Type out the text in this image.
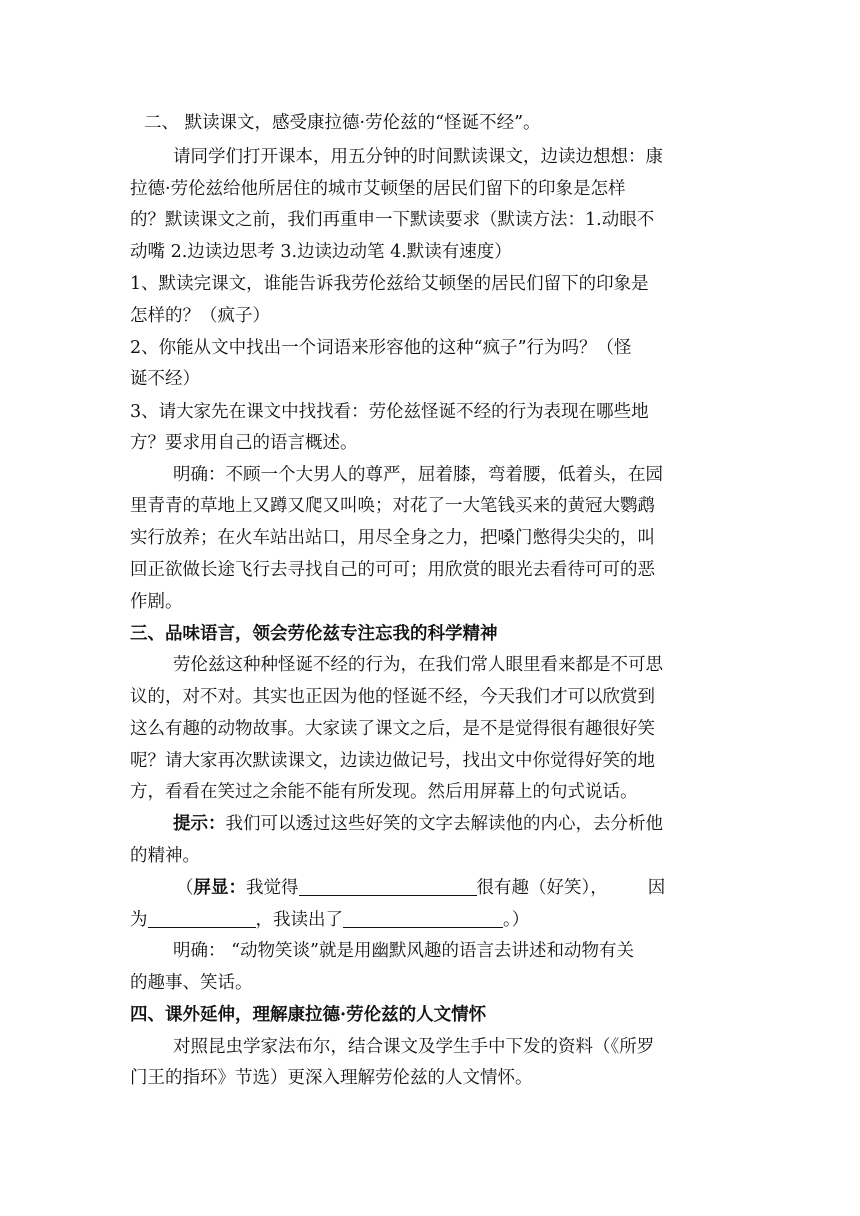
二、 默读课文，感受康拉德·劳伦兹的“怪诞不经”。
请同学们打开课本，用五分钟的时间默读课文，边读边想想：康
拉德·劳伦兹给他所居住的城市艾顿堡的居民们留下的印象是怎样
的？默读课文之前，我们再重申一下默读要求（默读方法：1.动眼不
动嘴 2.边读边思考 3.边读边动笔 4.默读有速度）
1、默读完课文，谁能告诉我劳伦兹给艾顿堡的居民们留下的印象是
怎样的？（疯子）
2、你能从文中找出一个词语来形容他的这种“疯子”行为吗？（怪
诞不经）
3、请大家先在课文中找找看：劳伦兹怪诞不经的行为表现在哪些地
方？要求用自己的语言概述。
明确：不顾一个大男人的尊严，屈着膝，弯着腰，低着头，在园
里青青的草地上又蹲又爬又叫唤；对花了一大笔钱买来的黄冠大鹦鹉
实行放养；在火车站出站口，用尽全身之力，把嗓门憋得尖尖的，叫
回正欲做长途飞行去寻找自己的可可；用欣赏的眼光去看待可可的恶
作剧。
三、品味语言，领会劳伦兹专注忘我的科学精神
劳伦兹这种种怪诞不经的行为，在我们常人眼里看来都是不可思
议的，对不对。其实也正因为他的怪诞不经，今天我们才可以欣赏到
这么有趣的动物故事。大家读了课文之后，是不是觉得很有趣很好笑
呢？请大家再次默读课文，边读边做记号，找出文中你觉得好笑的地
方，看看在笑过之余能不能有所发现。然后用屏幕上的句式说话。
提示：我们可以透过这些好笑的文字去解读他的内心，去分析他
的精神。
（屏显：我觉得	很有趣（好笑）， 因
为	，我读出了	。）
明确： “动物笑谈”就是用幽默风趣的语言去讲述和动物有关
的趣事、笑话。
四、课外延伸，理解康拉德·劳伦兹的人文情怀
对照昆虫学家法布尔，结合课文及学生手中下发的资料（《所罗
门王的指环》节选）更深入理解劳伦兹的人文情怀。
